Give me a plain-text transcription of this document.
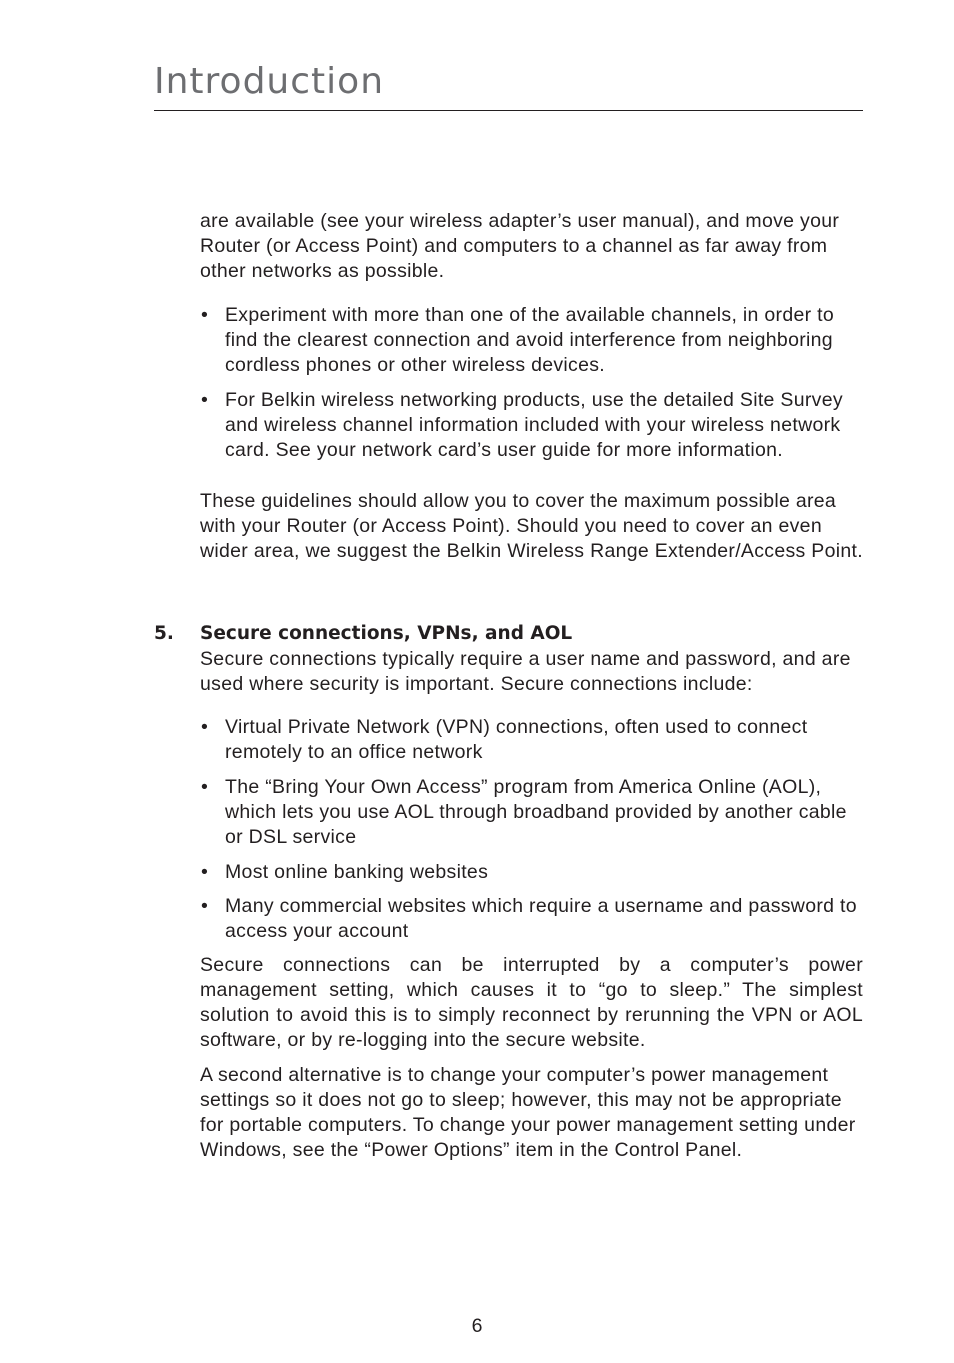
Introduction

are available (see your wireless adapter’s user manual), and move your Router (or Access Point) and computers to a channel as far away from other networks as possible.

• Experiment with more than one of the available channels, in order to find the clearest connection and avoid interference from neighboring cordless phones or other wireless devices.
• For Belkin wireless networking products, use the detailed Site Survey and wireless channel information included with your wireless network card. See your network card’s user guide for more information.

These guidelines should allow you to cover the maximum possible area with your Router (or Access Point). Should you need to cover an even wider area, we suggest the Belkin Wireless Range Extender/Access Point.

5. Secure connections, VPNs, and AOL

Secure connections typically require a user name and password, and are used where security is important. Secure connections include:

• Virtual Private Network (VPN) connections, often used to connect remotely to an office network
• The “Bring Your Own Access” program from America Online (AOL), which lets you use AOL through broadband provided by another cable or DSL service
• Most online banking websites
• Many commercial websites which require a username and password to access your account

Secure connections can be interrupted by a computer’s power management setting, which causes it to “go to sleep.” The simplest solution to avoid this is to simply reconnect by rerunning the VPN or AOL software, or by re-logging into the secure website.

A second alternative is to change your computer’s power management settings so it does not go to sleep; however, this may not be appropriate for portable computers. To change your power management setting under Windows, see the “Power Options” item in the Control Panel.

6
